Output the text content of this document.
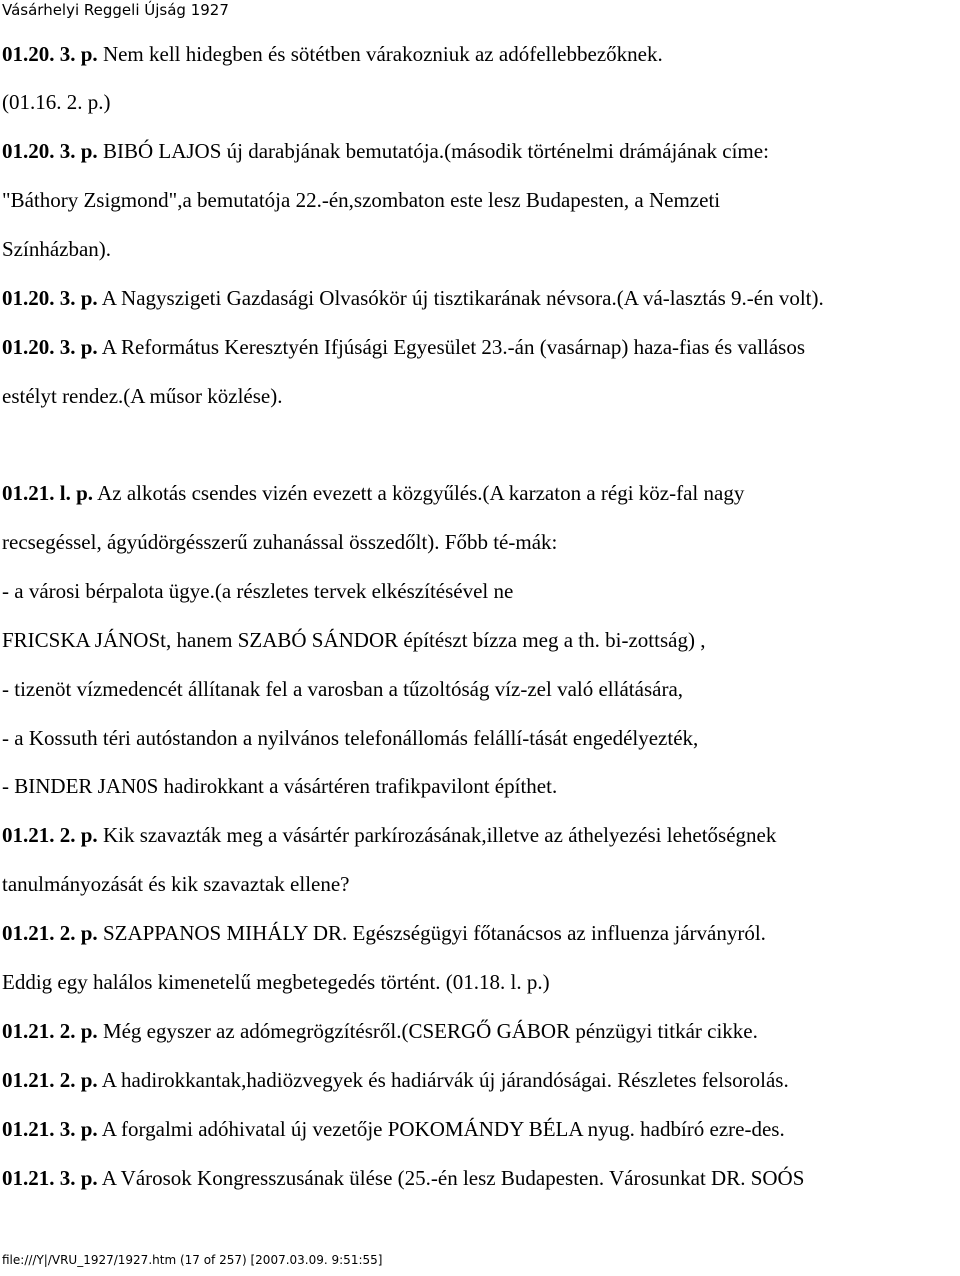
Vásárhelyi Reggeli Újság 1927
01.20. 3. p. Nem kell hidegben és sötétben várakozniuk az adófellebbezőknek.
(01.16. 2. p.)
01.20. 3. p. BIBÓ LAJOS új darabjának bemutatója.(második történelmi drámájának címe:
"Báthory Zsigmond",a bemutatója 22.-én,szombaton este lesz Budapesten, a Nemzeti
Színházban).
01.20. 3. p. A Nagyszigeti Gazdasági Olvasókör új tisztikarának névsora.(A vá-lasztás 9.-én volt).
01.20. 3. p. A Református Keresztyén Ifjúsági Egyesület 23.-án (vasárnap) haza-fias és vallásos
estélyt rendez.(A műsor közlése).
01.21. l. p. Az alkotás csendes vizén evezett a közgyűlés.(A karzaton a régi köz-fal nagy
recsegéssel, ágyúdörgésszerű zuhanással összedőlt). Főbb té-mák:
- a városi bérpalota ügye.(a részletes tervek elkészítésével ne
FRICSKA JÁNOSt, hanem SZABÓ SÁNDOR építészt bízza meg a th. bi-zottság) ,
- tizenöt vízmedencét állítanak fel a varosban a tűzoltóság víz-zel való ellátására,
- a Kossuth téri autóstandon a nyilvános telefonállomás felállí-tását engedélyezték,
- BINDER JAN0S hadirokkant a vásártéren trafikpavilont építhet.
01.21. 2. p. Kik szavazták meg a vásártér parkírozásának,illetve az áthelyezési lehetőségnek
tanulmányozását és kik szavaztak ellene?
01.21. 2. p. SZAPPANOS MIHÁLY DR. Egészségügyi főtanácsos az influenza járványról.
Eddig egy halálos kimenetelű megbetegedés történt. (01.18. l. p.)
01.21. 2. p. Még egyszer az adómegrögzítésről.(CSERGŐ GÁBOR pénzügyi titkár cikke.
01.21. 2. p. A hadirokkantak,hadiözvegyek és hadiárvák új járandóságai. Részletes felsorolás.
01.21. 3. p. A forgalmi adóhivatal új vezetője POKOMÁNDY BÉLA nyug. hadbíró ezre-des.
01.21. 3. p. A Városok Kongresszusának ülése (25.-én lesz Budapesten. Városunkat DR. SOÓS
file:///Y|/VRU_1927/1927.htm (17 of 257) [2007.03.09. 9:51:55]
